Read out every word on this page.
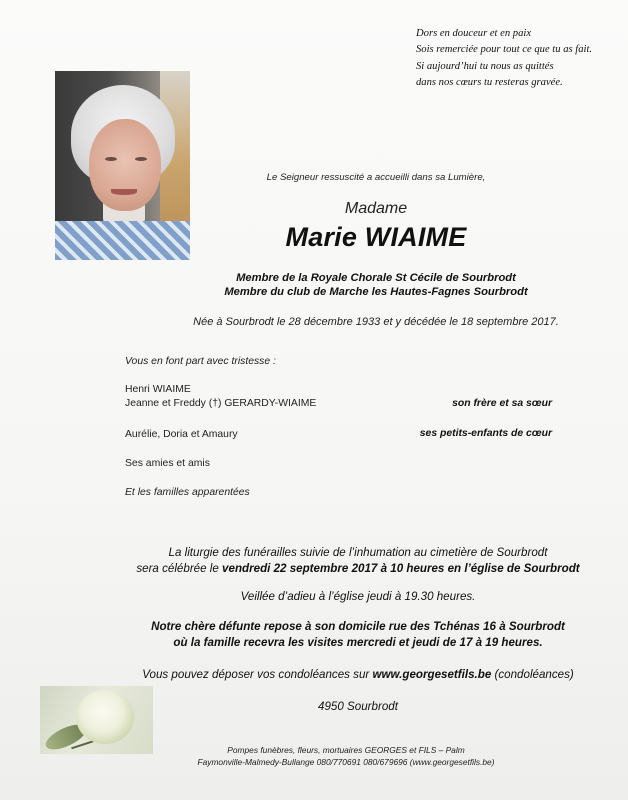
Dors en douceur et en paix
Sois remerciée pour tout ce que tu as fait.
Si aujourd’hui tu nous as quittés
dans nos cœurs tu resteras gravée.
Le Seigneur ressuscité a accueilli dans sa Lumière,
Madame
Marie WIAIME
Membre de la Royale Chorale St Cécile de Sourbrodt
Membre du club de Marche les Hautes-Fagnes Sourbrodt
Née à Sourbrodt le 28 décembre 1933 et y décédée le 18 septembre 2017.
Vous en font part avec tristesse :
Henri WIAIME
Jeanne et Freddy (†) GERARDY-WIAIME	son frère et sa sœur
Aurélie, Doria et Amaury	ses petits-enfants de cœur
Ses amies et amis
Et les familles apparentées
La liturgie des funérailles suivie de l’inhumation au cimetière de Sourbrodt
sera célébrée le vendredi 22 septembre 2017 à 10 heures en l’église de Sourbrodt
Veillée d’adieu à l’église jeudi à 19.30 heures.
Notre chère défunte repose à son domicile rue des Tchénas 16 à Sourbrodt
où la famille recevra les visites mercredi et jeudi de 17 à 19 heures.
Vous pouvez déposer vos condoléances sur www.georgesetfils.be (condoléances)
4950 Sourbrodt
Pompes funèbres, fleurs, mortuaires GEORGES et FILS – Palm
Faymonville-Malmedy-Bullange 080/770691 080/679696 (www.georgesetfils.be)
